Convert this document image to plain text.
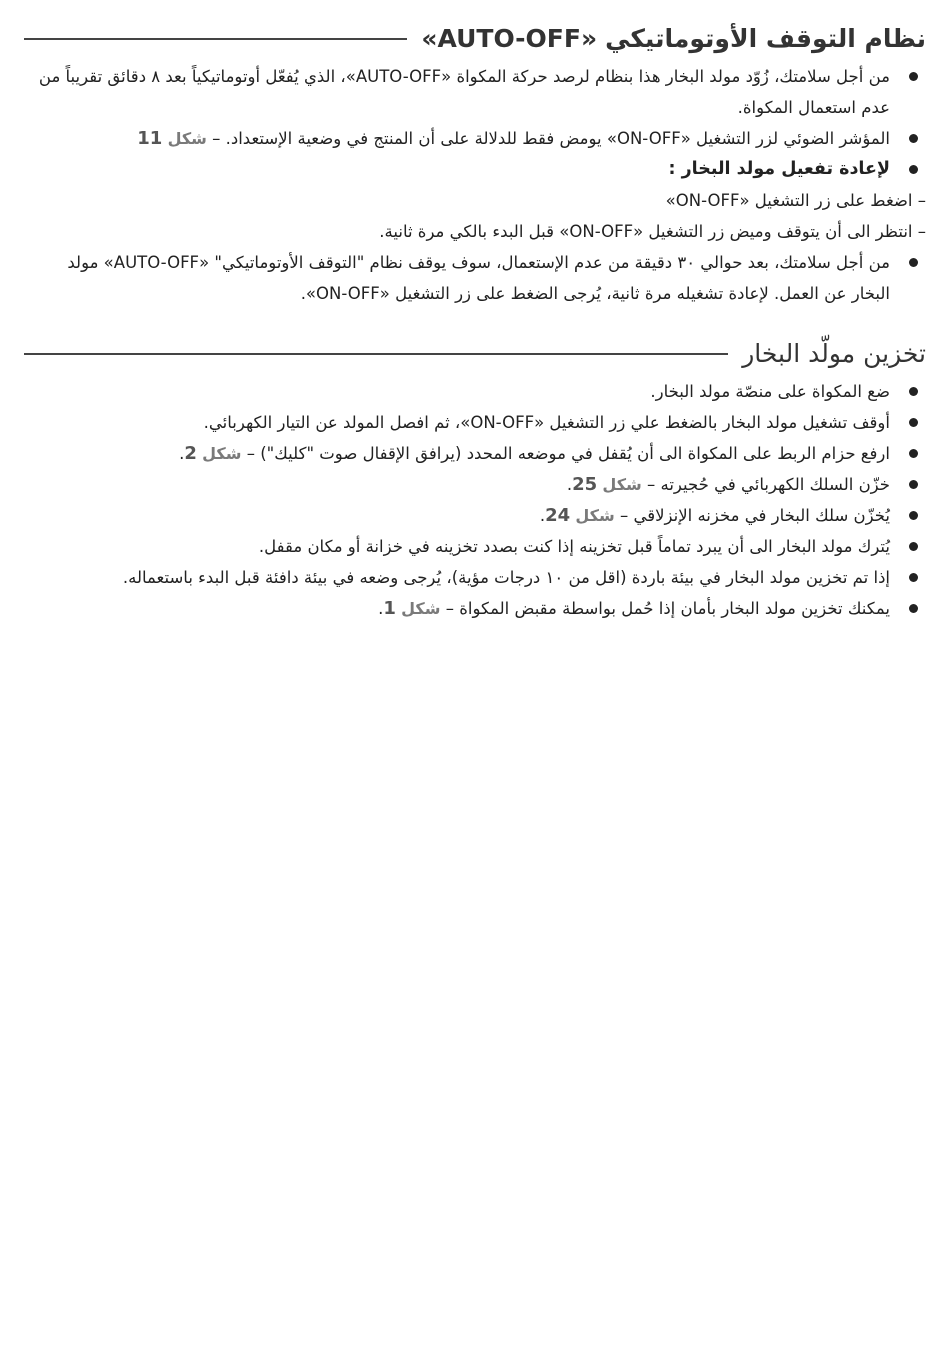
نظام التوقف الأوتوماتيكي «AUTO-OFF»
من أجل سلامتك، زُوّد مولد البخار هذا بنظام لرصد حركة المكواة «AUTO-OFF»، الذي يُفعّل أوتوماتيكياً بعد ٨ دقائق تقريباً من عدم استعمال المكواة.
المؤشر الضوئي لزر التشغيل «ON-OFF» يومض فقط للدلالة على أن المنتج في وضعية الإستعداد. – شكل 11
لإعادة تفعيل مولد البخار :
– اضغط على زر التشغيل «ON-OFF»
– انتظر الى أن يتوقف وميض زر التشغيل «ON-OFF» قبل البدء بالكي مرة ثانية.
من أجل سلامتك، بعد حوالي ٣٠ دقيقة من عدم الإستعمال، سوف يوقف نظام "التوقف الأوتوماتيكي" «AUTO-OFF» مولد البخار عن العمل. لإعادة تشغيله مرة ثانية، يُرجى الضغط على زر التشغيل «ON-OFF».
تخزين مولّد البخار
ضع المكواة على منصّة مولد البخار.
أوقف تشغيل مولد البخار بالضغط علي زر التشغيل «ON-OFF»، ثم افصل المولد عن التيار الكهربائي.
ارفع حزام الربط على المكواة الى أن يُقفل في موضعه المحدد (يرافق الإقفال صوت "كليك") – شكل 2.
خزّن السلك الكهربائي في حُجيرته – شكل 25.
يُخزّن سلك البخار في مخزنه الإنزلاقي – شكل 24.
يُترك مولد البخار الى أن يبرد تماماً قبل تخزينه إذا كنت بصدد تخزينه في خزانة أو مكان مقفل.
إذا تم تخزين مولد البخار في بيئة باردة (اقل من ١٠ درجات مؤية)، يُرجى وضعه في بيئة دافئة قبل البدء باستعماله.
يمكنك تخزين مولد البخار بأمان إذا حُمل بواسطة مقبض المكواة – شكل 1.
